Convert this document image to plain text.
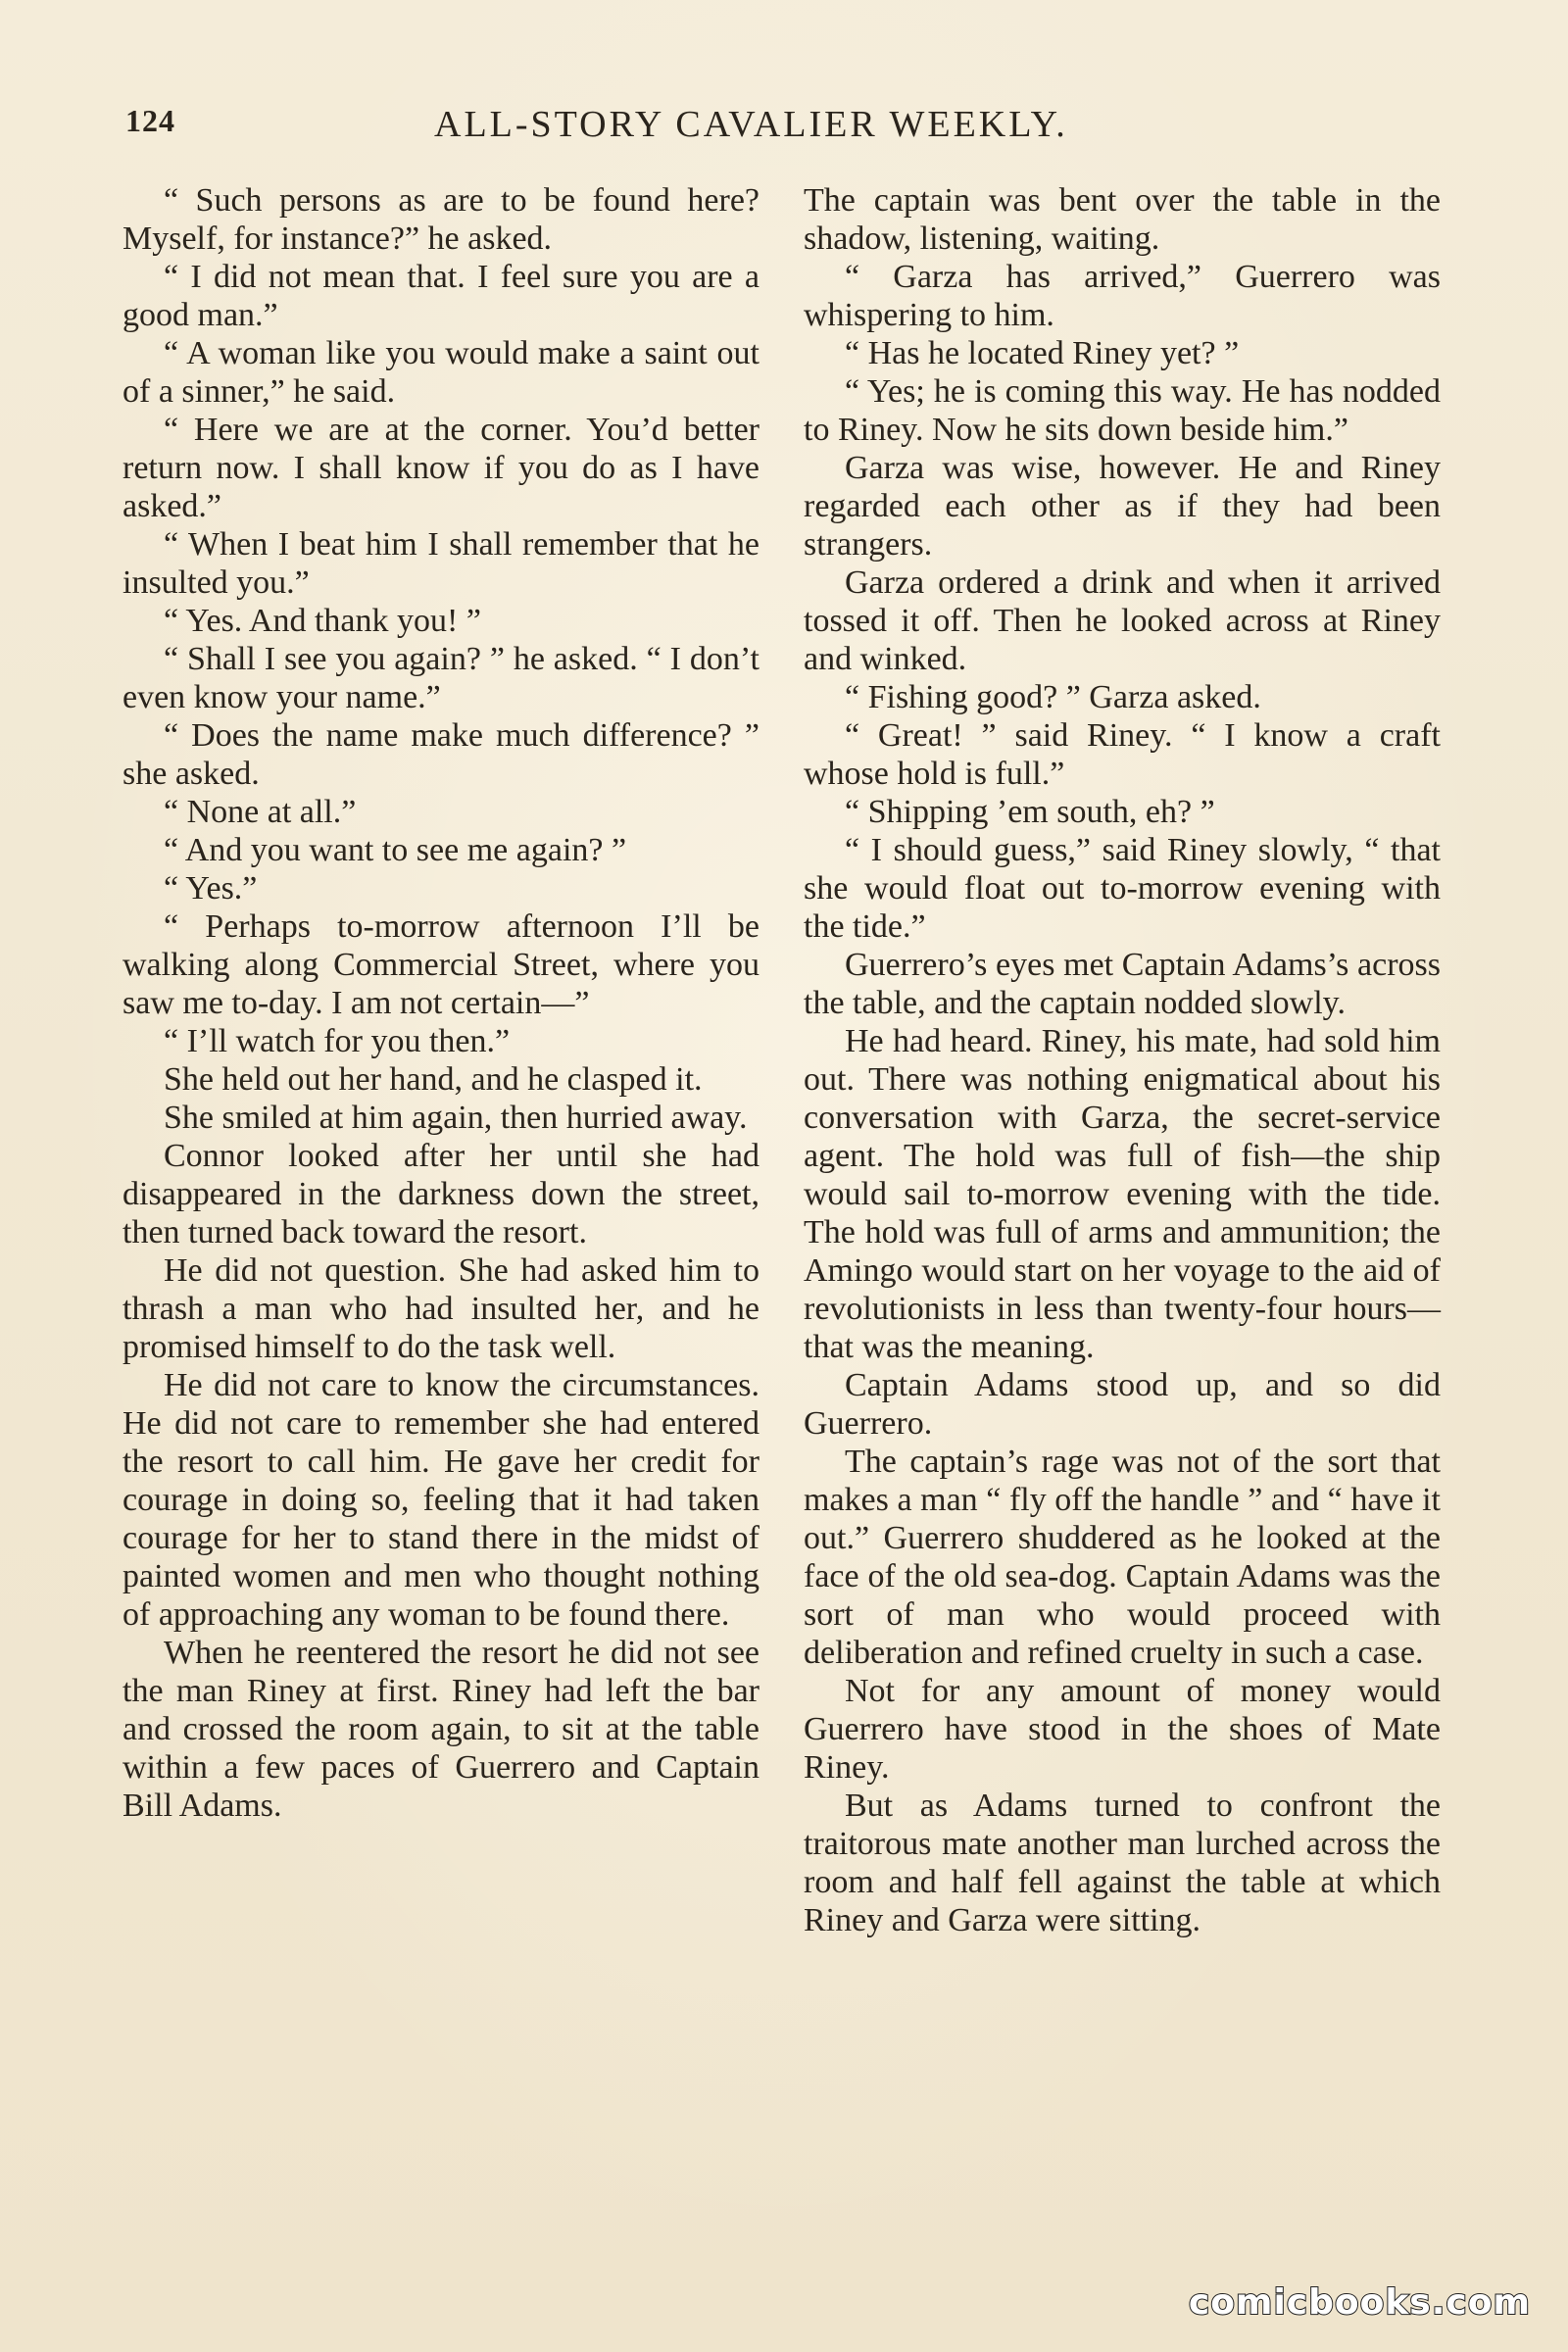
124	ALL-STORY CAVALIER WEEKLY.

“ Such persons as are to be found here? Myself, for instance?” he asked.

“ I did not mean that. I feel sure you are a good man.”

“ A woman like you would make a saint out of a sinner,” he said.

“ Here we are at the corner. You’d better return now. I shall know if you do as I have asked.”

“ When I beat him I shall remember that he insulted you.”

“ Yes. And thank you! ”

“ Shall I see you again? ” he asked. “ I don’t even know your name.”

“ Does the name make much difference? ” she asked.

“ None at all.”

“ And you want to see me again? ”

“ Yes.”

“ Perhaps to-morrow afternoon I’ll be walking along Commercial Street, where you saw me to-day. I am not certain—”

“ I’ll watch for you then.”

She held out her hand, and he clasped it.

She smiled at him again, then hurried away.

Connor looked after her until she had disappeared in the darkness down the street, then turned back toward the resort.

He did not question. She had asked him to thrash a man who had insulted her, and he promised himself to do the task well.

He did not care to know the circumstances. He did not care to remember she had entered the resort to call him. He gave her credit for courage in doing so, feeling that it had taken courage for her to stand there in the midst of painted women and men who thought nothing of approaching any woman to be found there.

When he reentered the resort he did not see the man Riney at first. Riney had left the bar and crossed the room again, to sit at the table within a few paces of Guerrero and Captain Bill Adams.

The captain was bent over the table in the shadow, listening, waiting.

“ Garza has arrived,” Guerrero was whispering to him.

“ Has he located Riney yet? ”

“ Yes; he is coming this way. He has nodded to Riney. Now he sits down beside him.”

Garza was wise, however. He and Riney regarded each other as if they had been strangers.

Garza ordered a drink and when it arrived tossed it off. Then he looked across at Riney and winked.

“ Fishing good? ” Garza asked.

“ Great! ” said Riney. “ I know a craft whose hold is full.”

“ Shipping ’em south, eh? ”

“ I should guess,” said Riney slowly, “ that she would float out to-morrow evening with the tide.”

Guerrero’s eyes met Captain Adams’s across the table, and the captain nodded slowly.

He had heard. Riney, his mate, had sold him out. There was nothing enigmatical about his conversation with Garza, the secret-service agent. The hold was full of fish—the ship would sail to-morrow evening with the tide. The hold was full of arms and ammunition; the Amingo would start on her voyage to the aid of revolutionists in less than twenty-four hours—that was the meaning.

Captain Adams stood up, and so did Guerrero.

The captain’s rage was not of the sort that makes a man “ fly off the handle ” and “ have it out.” Guerrero shuddered as he looked at the face of the old sea-dog. Captain Adams was the sort of man who would proceed with deliberation and refined cruelty in such a case.

Not for any amount of money would Guerrero have stood in the shoes of Mate Riney.

But as Adams turned to confront the traitorous mate another man lurched across the room and half fell against the table at which Riney and Garza were sitting.

comicbooks.com
